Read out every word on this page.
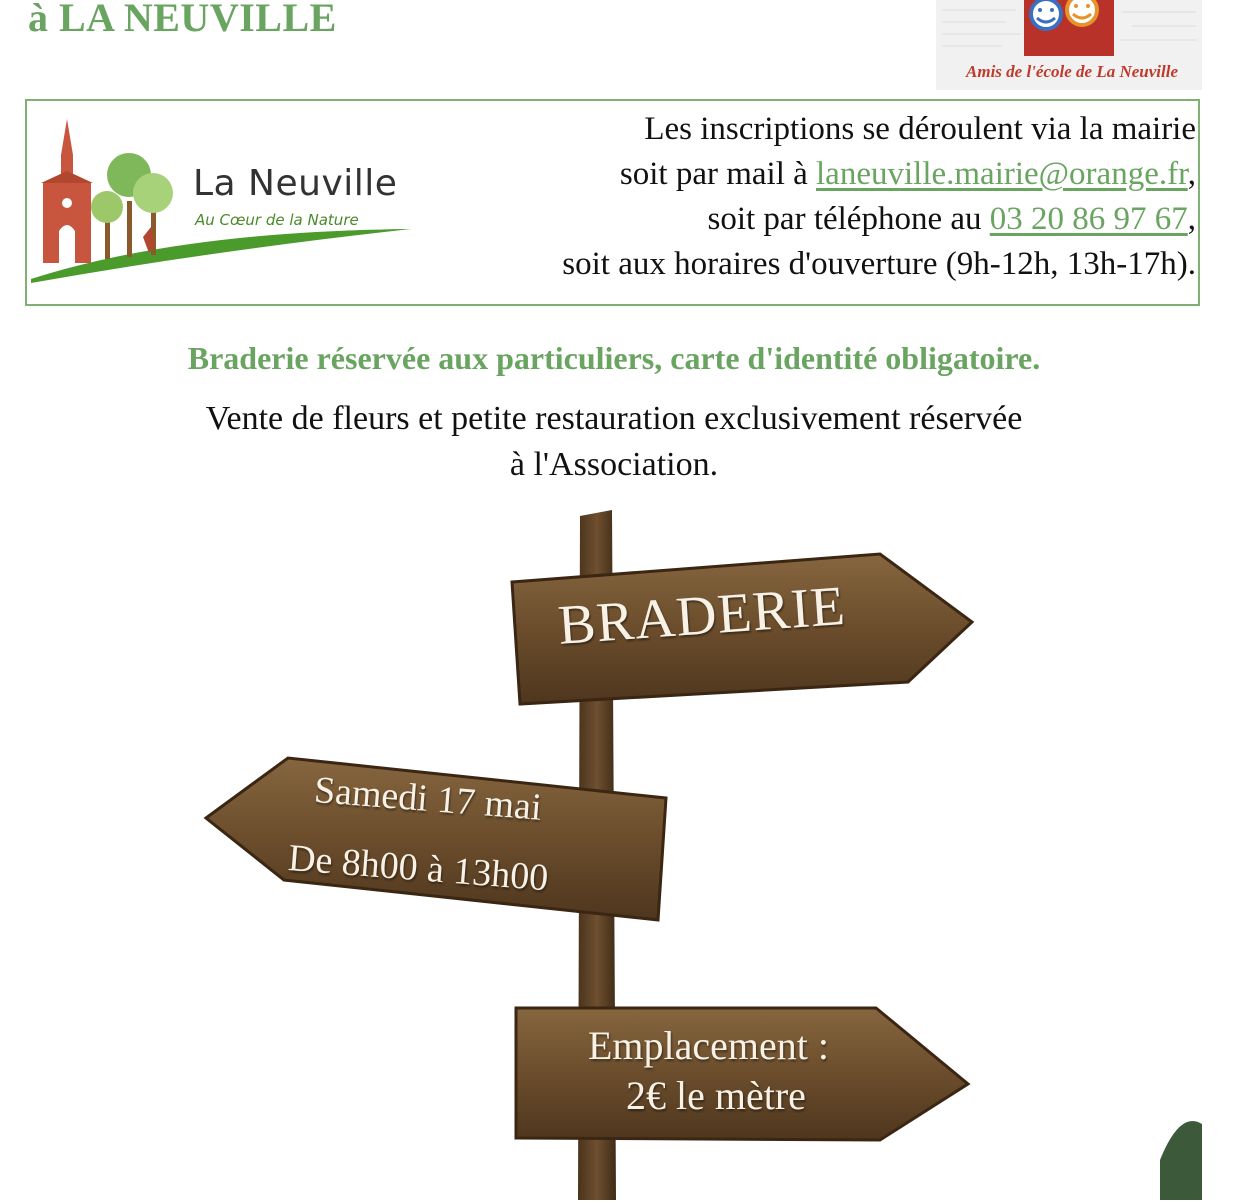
à LA NEUVILLE
Amis de l'école de La Neuville
La Neuville
Au Cœur de la Nature
Les inscriptions se déroulent via la mairie
soit par mail à laneuville.mairie@orange.fr,
soit par téléphone au 03 20 86 97 67,
soit aux horaires d'ouverture (9h-12h, 13h-17h).
Braderie réservée aux particuliers, carte d'identité obligatoire.
Vente de fleurs et petite restauration exclusivement réservée
à l'Association.
BRADERIE
Samedi 17 mai
De 8h00 à 13h00
Emplacement :
2€ le mètre
